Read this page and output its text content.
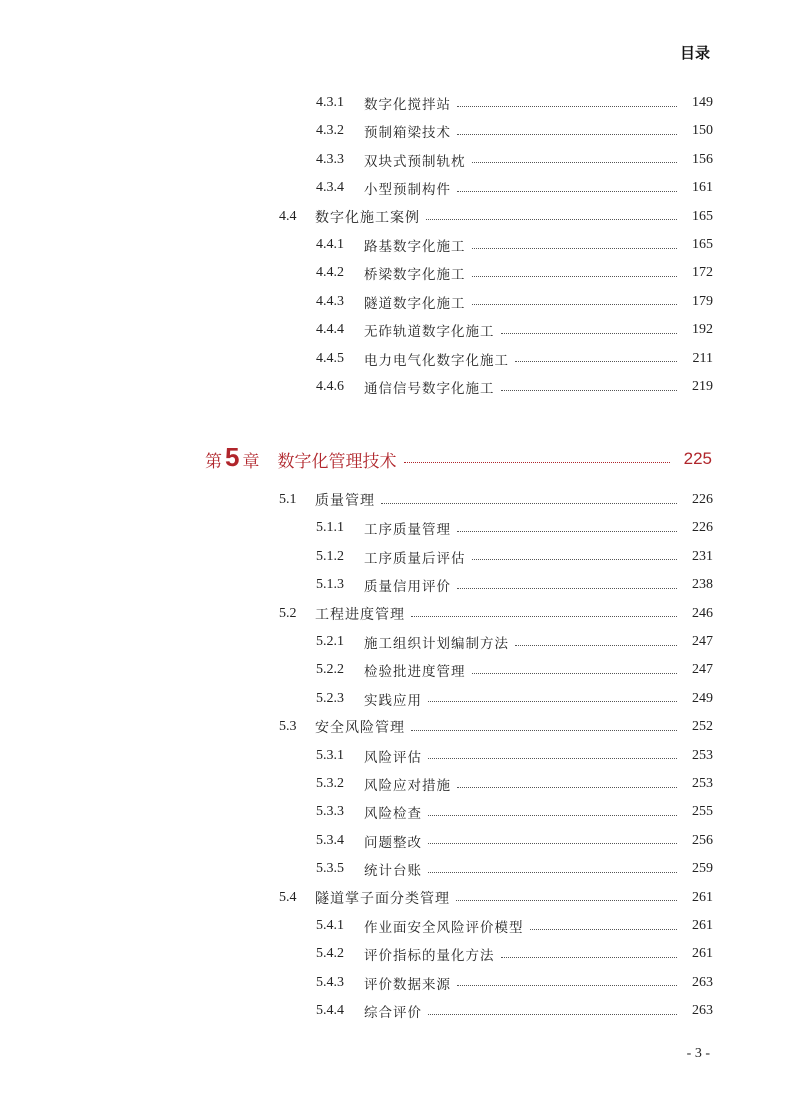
目录
4.3.1	数字化搅拌站	149
4.3.2	预制箱梁技术	150
4.3.3	双块式预制轨枕	156
4.3.4	小型预制构件	161
4.4	数字化施工案例	165
4.4.1	路基数字化施工	165
4.4.2	桥梁数字化施工	172
4.4.3	隧道数字化施工	179
4.4.4	无砟轨道数字化施工	192
4.4.5	电力电气化数字化施工	211
4.4.6	通信信号数字化施工	219
第 5 章 数字化管理技术	225
5.1	质量管理	226
5.1.1	工序质量管理	226
5.1.2	工序质量后评估	231
5.1.3	质量信用评价	238
5.2	工程进度管理	246
5.2.1	施工组织计划编制方法	247
5.2.2	检验批进度管理	247
5.2.3	实践应用	249
5.3	安全风险管理	252
5.3.1	风险评估	253
5.3.2	风险应对措施	253
5.3.3	风险检查	255
5.3.4	问题整改	256
5.3.5	统计台账	259
5.4	隧道掌子面分类管理	261
5.4.1	作业面安全风险评价模型	261
5.4.2	评价指标的量化方法	261
5.4.3	评价数据来源	263
5.4.4	综合评价	263
- 3 -
